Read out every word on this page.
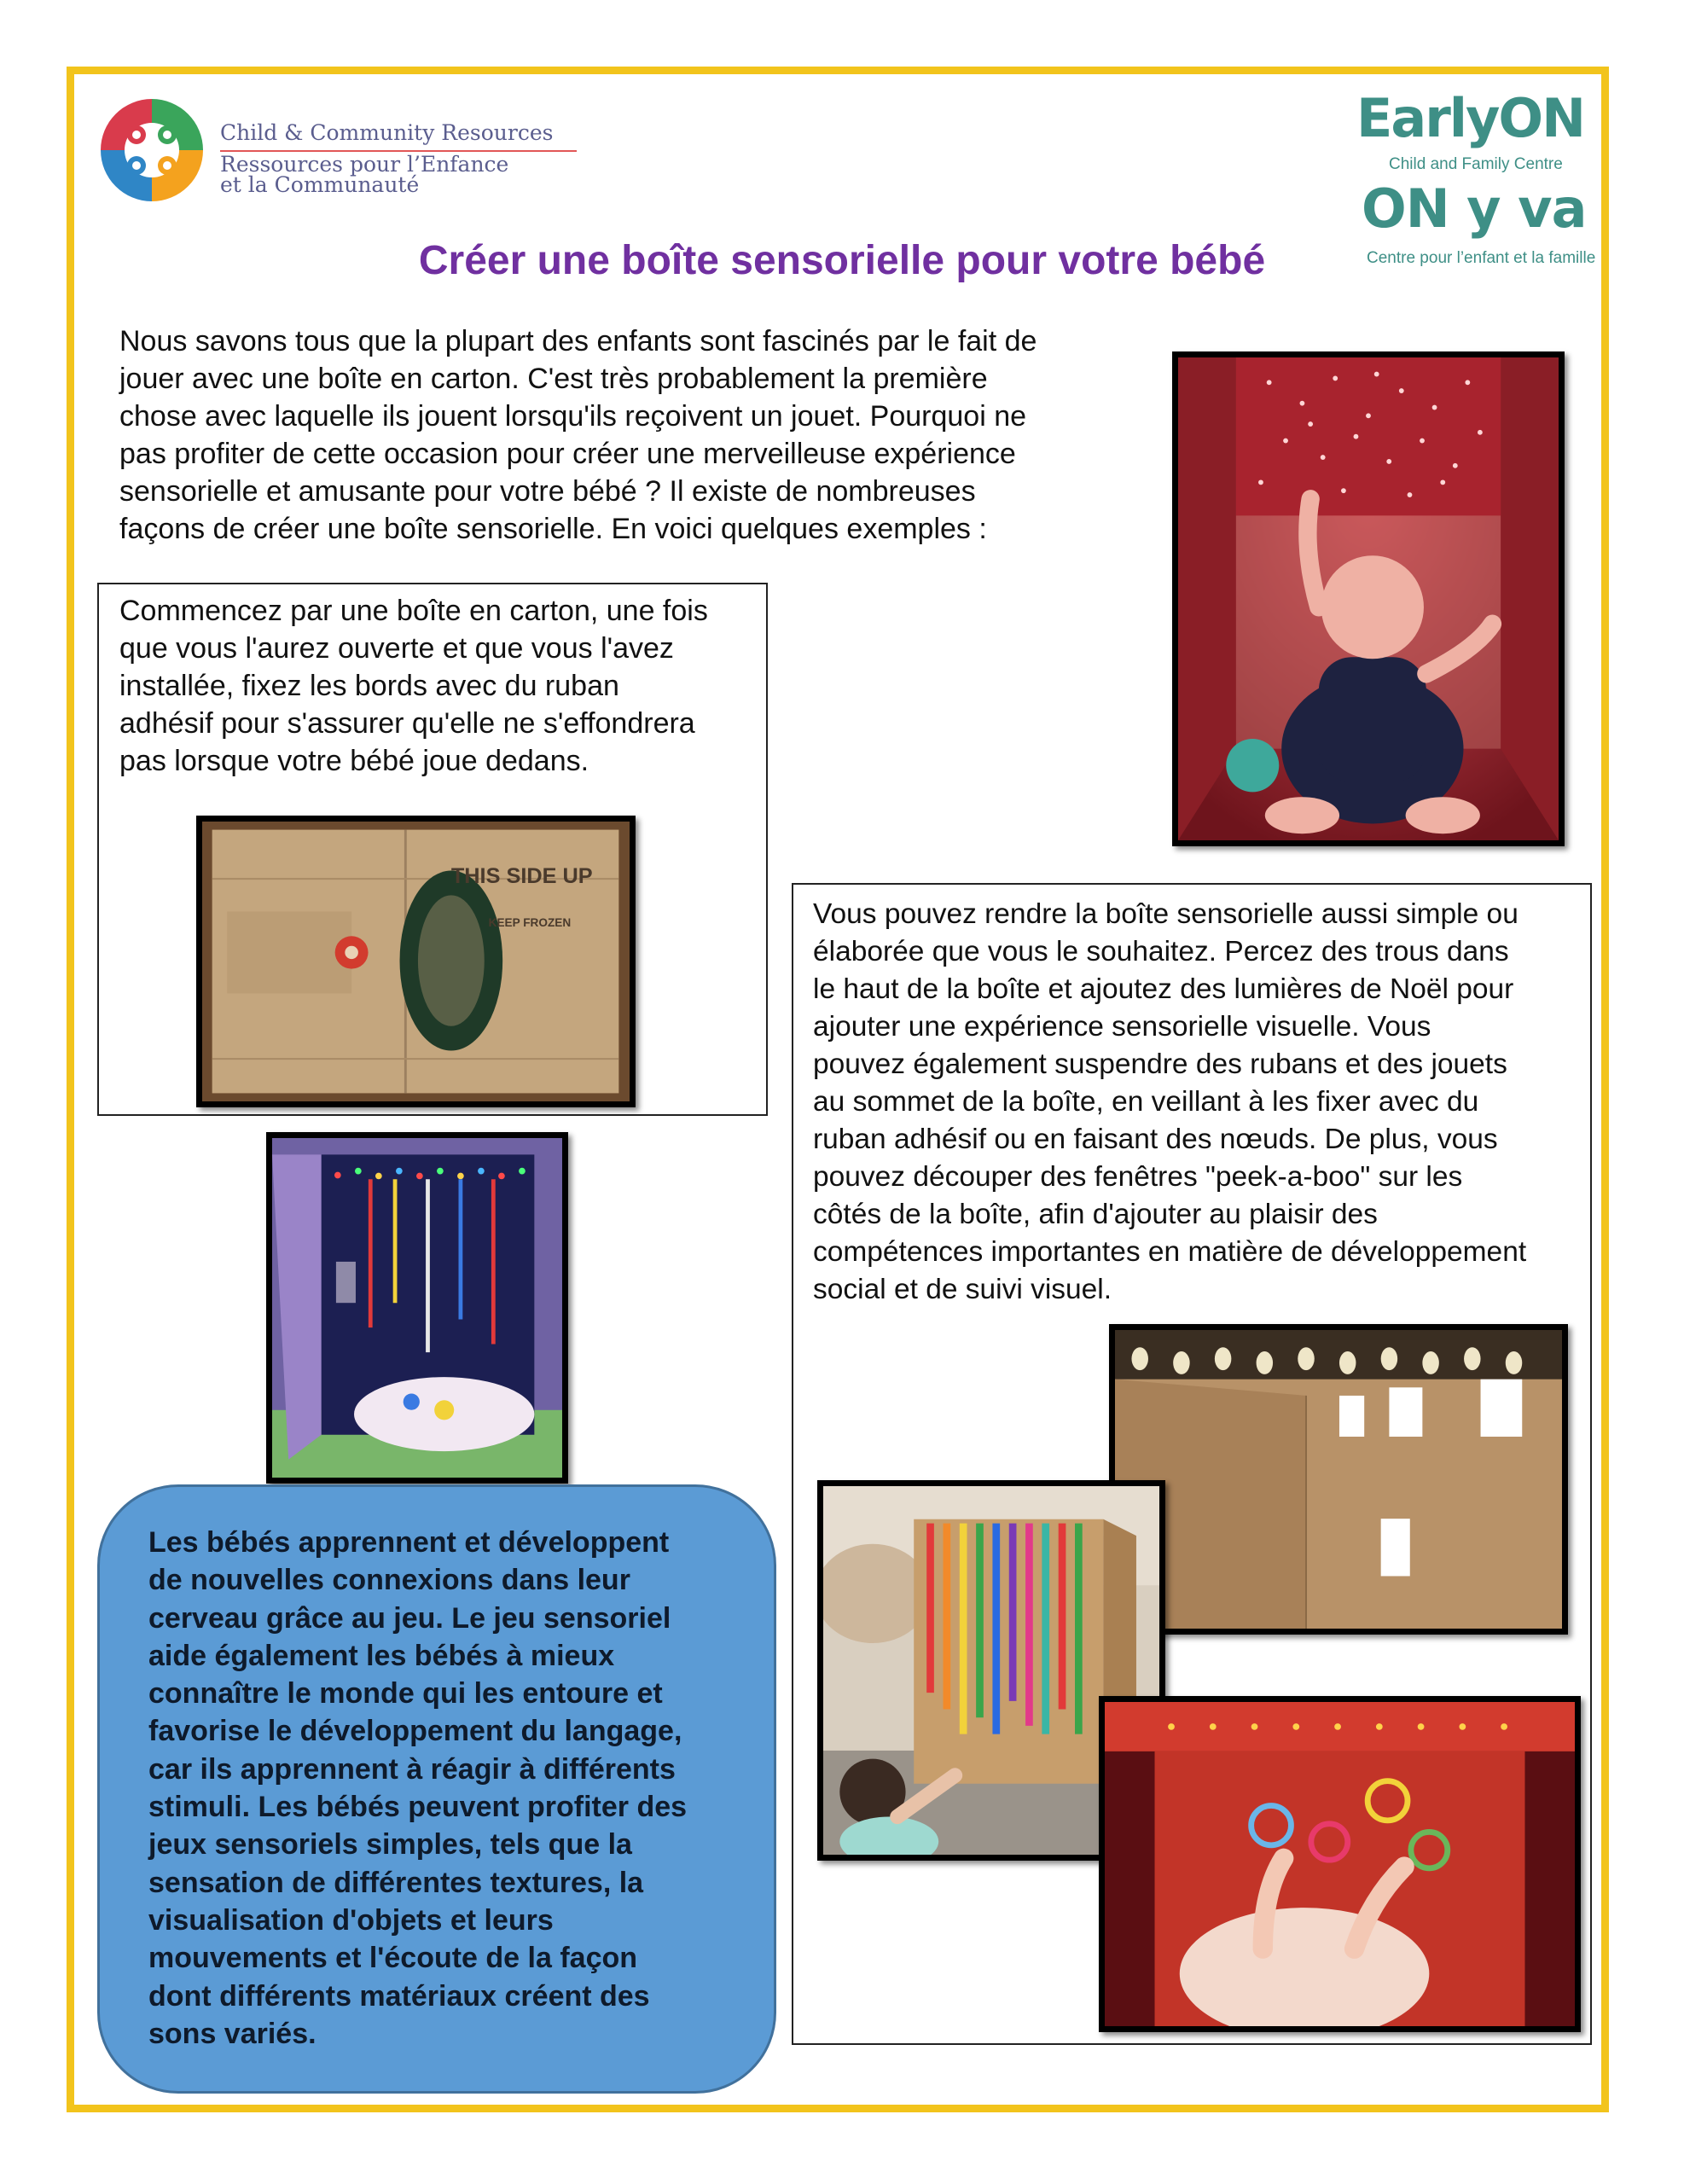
Child & Community Resources
Ressources pour l’Enfance
et la Communauté
EarlyON
Child and Family Centre
ON y va
Centre pour l’enfant et la famille
Créer une boîte sensorielle pour votre bébé
Nous savons tous que la plupart des enfants sont fascinés par le fait de
jouer avec une boîte en carton. C'est très probablement la première
chose avec laquelle ils jouent lorsqu'ils reçoivent un jouet. Pourquoi ne
pas profiter de cette occasion pour créer une merveilleuse expérience
sensorielle et amusante pour votre bébé ? Il existe de nombreuses
façons de créer une boîte sensorielle. En voici quelques exemples :
Commencez par une boîte en carton, une fois
que vous l'aurez ouverte et que vous l'avez
installée, fixez les bords avec du ruban
adhésif pour s'assurer qu'elle ne s'effondrera
pas lorsque votre bébé joue dedans.
THIS SIDE UP
KEEP FROZEN	Vous pouvez rendre la boîte sensorielle aussi simple ou
élaborée que vous le souhaitez. Percez des trous dans
le haut de la boîte et ajoutez des lumières de Noël pour
ajouter une expérience sensorielle visuelle. Vous
pouvez également suspendre des rubans et des jouets
au sommet de la boîte, en veillant à les fixer avec du
ruban adhésif ou en faisant des nœuds. De plus, vous
pouvez découper des fenêtres "peek-a-boo" sur les
côtés de la boîte, afin d'ajouter au plaisir des
compétences importantes en matière de développement
social et de suivi visuel.
Les bébés apprennent et développent
de nouvelles connexions dans leur
cerveau grâce au jeu. Le jeu sensoriel
aide également les bébés à mieux
connaître le monde qui les entoure et
favorise le développement du langage,
car ils apprennent à réagir à différents
stimuli. Les bébés peuvent profiter des
jeux sensoriels simples, tels que la
sensation de différentes textures, la
visualisation d'objets et leurs
mouvements et l'écoute de la façon
dont différents matériaux créent des
sons variés.
